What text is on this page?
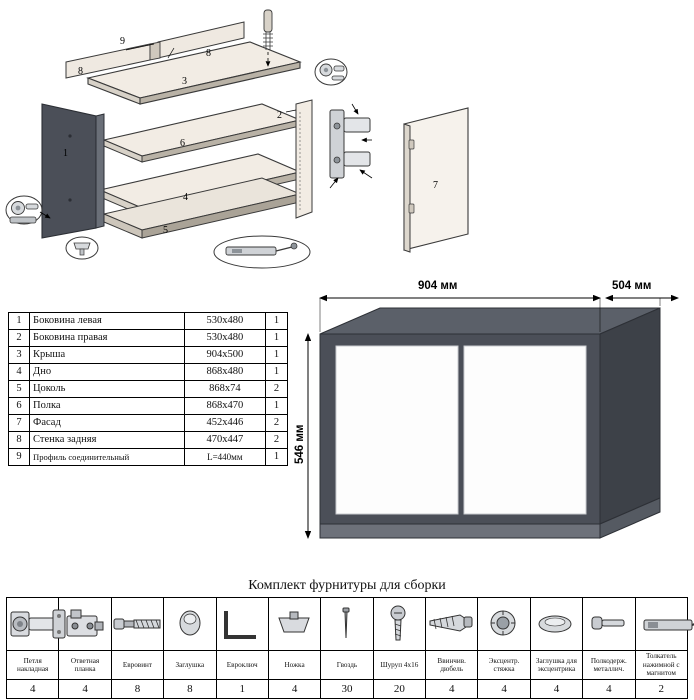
9
8
8
3
2
1
6
4
5
7
1	Боковина левая	530х480	1
2	Боковина правая	530х480	1
3	Крыша	904х500	1
4	Дно	868х480	1
5	Цоколь	868х74	2
6	Полка	868х470	1
7	Фасад	452х446	2
8	Стенка задняя	470х447	2
9	Профиль соединительный	L=440мм	1
904 мм	504 мм
546 мм
Комплект фурнитуры для сборки

Петля накладная	Ответная планка	Еврoвинт	Заглушка	Евроключ	Ножка	Гвоздь	Шуруп 4х16	Ввинчив. дюбель	Эксцентр. стяжка	Заглушка для эксцентрика	Полкодерж. металлич.	Толкатель нажимной с магнитом
4	4	8	8	1	4	30	20	4	4	4	4	2
